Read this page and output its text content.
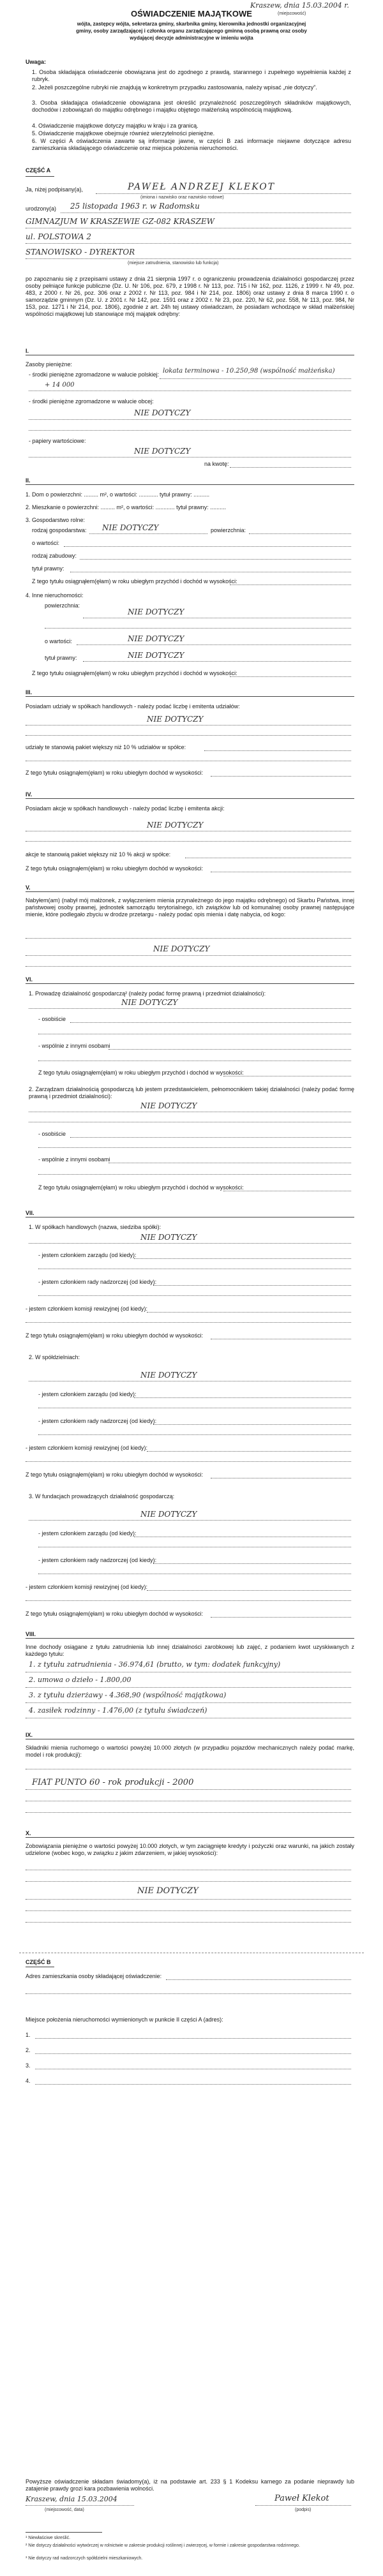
Kraszew, dnia 15.03.2004 r.
(miejscowość)
OŚWIADCZENIE MAJĄTKOWE
wójta, zastępcy wójta, sekretarza gminy, skarbnika gminy, kierownika jednostki organizacyjnej gminy, osoby zarządzającej i członka organu zarządzającego gminną osobą prawną oraz osoby wydającej decyzje administracyjne w imieniu wójta
Uwaga:
1. Osoba składająca oświadczenie obowiązana jest do zgodnego z prawdą, starannego i zupełnego wypełnienia każdej z rubryk.
2. Jeżeli poszczególne rubryki nie znajdują w konkretnym przypadku zastosowania, należy wpisać „nie dotyczy”.
3. Osoba składająca oświadczenie obowiązana jest określić przynależność poszczególnych składników majątkowych, dochodów i zobowiązań do majątku odrębnego i majątku objętego małżeńską wspólnością majątkową.
4. Oświadczenie majątkowe dotyczy majątku w kraju i za granicą.
5. Oświadczenie majątkowe obejmuje również wierzytelności pieniężne.
6. W części A oświadczenia zawarte są informacje jawne, w części B zaś informacje niejawne dotyczące adresu zamieszkania składającego oświadczenie oraz miejsca położenia nieruchomości.
CZĘŚĆ A
Ja, niżej podpisany(a),	PAWEŁ ANDRZEJ KLEKOT
(imiona i nazwisko oraz nazwisko rodowe)
urodzony(a) 25 listopada 1963 r. w Radomsku
GIMNAZJUM W KRASZEWIE GZ-082 KRASZEW
ul. POLSTOWA 2
STANOWISKO - DYREKTOR
(miejsce zatrudnienia, stanowisko lub funkcja)
po zapoznaniu się z przepisami ustawy z dnia 21 sierpnia 1997 r. o ograniczeniu prowadzenia działalności gospodarczej przez osoby pełniące funkcje publiczne (Dz. U. Nr 106, poz. 679, z 1998 r. Nr 113, poz. 715 i Nr 162, poz. 1126, z 1999 r. Nr 49, poz. 483, z 2000 r. Nr 26, poz. 306 oraz z 2002 r. Nr 113, poz. 984 i Nr 214, poz. 1806) oraz ustawy z dnia 8 marca 1990 r. o samorządzie gminnym (Dz. U. z 2001 r. Nr 142, poz. 1591 oraz z 2002 r. Nr 23, poz. 220, Nr 62, poz. 558, Nr 113, poz. 984, Nr 153, poz. 1271 i Nr 214, poz. 1806), zgodnie z art. 24h tej ustawy oświadczam, że posiadam wchodzące w skład małżeńskiej wspólności majątkowej lub stanowiące mój majątek odrębny:
I.
Zasoby pieniężne:
- środki pieniężne zgromadzone w walucie polskiej: lokata terminowa - 10.250,98 (wspólność małżeńska)
+ 14 000
- środki pieniężne zgromadzone w walucie obcej:
NIE DOTYCZY
- papiery wartościowe:
NIE DOTYCZY
na kwotę:
II.
1. Dom o powierzchni: ......... m², o wartości: ............ tytuł prawny: ..........
2. Mieszkanie o powierzchni: ......... m², o wartości: ............ tytuł prawny: ..........
3. Gospodarstwo rolne:
rodzaj gospodarstwa: NIE DOTYCZY	powierzchnia:
o wartości:
rodzaj zabudowy:
tytuł prawny:
Z tego tytułu osiągnąłem(ęłam) w roku ubiegłym przychód i dochód w wysokości:
4. Inne nieruchomości:
powierzchnia:
NIE DOTYCZY
o wartości:	NIE DOTYCZY
tytuł prawny:	NIE DOTYCZY
Z tego tytułu osiągnąłem(ęłam) w roku ubiegłym przychód i dochód w wysokości:
III.
Posiadam udziały w spółkach handlowych - należy podać liczbę i emitenta udziałów:
NIE DOTYCZY
udziały te stanowią pakiet większy niż 10 % udziałów w spółce:
Z tego tytułu osiągnąłem(ęłam) w roku ubiegłym dochód w wysokości:
IV.
Posiadam akcje w spółkach handlowych - należy podać liczbę i emitenta akcji:
NIE DOTYCZY
akcje te stanowią pakiet większy niż 10 % akcji w spółce:
Z tego tytułu osiągnąłem(ęłam) w roku ubiegłym dochód w wysokości:
V.
Nabyłem(am) (nabył mój małżonek, z wyłączeniem mienia przynależnego do jego majątku odrębnego) od Skarbu Państwa, innej państwowej osoby prawnej, jednostek samorządu terytorialnego, ich związków lub od komunalnej osoby prawnej następujące mienie, które podlegało zbyciu w drodze przetargu - należy podać opis mienia i datę nabycia, od kogo:
NIE DOTYCZY
VI.
1. Prowadzę działalność gospodarczą² (należy podać formę prawną i przedmiot działalności):
NIE DOTYCZY
- osobiście
- wspólnie z innymi osobami
Z tego tytułu osiągnąłem(ęłam) w roku ubiegłym przychód i dochód w wysokości:
2. Zarządzam działalnością gospodarczą lub jestem przedstawicielem, pełnomocnikiem takiej działalności (należy podać formę prawną i przedmiot działalności):
NIE DOTYCZY
- osobiście
- wspólnie z innymi osobami
Z tego tytułu osiągnąłem(ęłam) w roku ubiegłym przychód i dochód w wysokości:
VII.
1. W spółkach handlowych (nazwa, siedziba spółki):
NIE DOTYCZY
- jestem członkiem zarządu (od kiedy):
- jestem członkiem rady nadzorczej (od kiedy):
- jestem członkiem komisji rewizyjnej (od kiedy):
Z tego tytułu osiągnąłem(ęłam) w roku ubiegłym dochód w wysokości:
2. W spółdzielniach:
NIE DOTYCZY
- jestem członkiem zarządu (od kiedy):
- jestem członkiem rady nadzorczej (od kiedy):
- jestem członkiem komisji rewizyjnej (od kiedy):
Z tego tytułu osiągnąłem(ęłam) w roku ubiegłym dochód w wysokości:
3. W fundacjach prowadzących działalność gospodarczą:
NIE DOTYCZY
- jestem członkiem zarządu (od kiedy):
- jestem członkiem rady nadzorczej (od kiedy):
- jestem członkiem komisji rewizyjnej (od kiedy):
Z tego tytułu osiągnąłem(ęłam) w roku ubiegłym dochód w wysokości:
VIII.
Inne dochody osiągane z tytułu zatrudnienia lub innej działalności zarobkowej lub zajęć, z podaniem kwot uzyskiwanych z każdego tytułu:
1. z tytułu zatrudnienia - 36.974,61 (brutto, w tym: dodatek funkcyjny)
2. umowa o dzieło - 1.800,00
3. z tytułu dzierżawy - 4.368,90 (wspólność majątkowa)
4. zasiłek rodzinny - 1.476,00 (z tytułu świadczeń)
IX.
Składniki mienia ruchomego o wartości powyżej 10.000 złotych (w przypadku pojazdów mechanicznych należy podać markę, model i rok produkcji):
FIAT PUNTO 60 - rok produkcji - 2000
X.
Zobowiązania pieniężne o wartości powyżej 10.000 złotych, w tym zaciągnięte kredyty i pożyczki oraz warunki, na jakich zostały udzielone (wobec kogo, w związku z jakim zdarzeniem, w jakiej wysokości):
NIE DOTYCZY
CZĘŚĆ B
Adres zamieszkania osoby składającej oświadczenie:
Miejsce położenia nieruchomości wymienionych w punkcie II części A (adres):
1.
2.
3.
4.
Powyższe oświadczenie składam świadomy(a), iż na podstawie art. 233 § 1 Kodeksu karnego za podanie nieprawdy lub zatajenie prawdy grozi kara pozbawienia wolności.
Kraszew, dnia 15.03.2004
(miejscowość, data)
Paweł Klekot
(podpis)
¹ Niewłaściwe skreślić.
² Nie dotyczy działalności wytwórczej w rolnictwie w zakresie produkcji roślinnej i zwierzęcej, w formie i zakresie gospodarstwa rodzinnego.
³ Nie dotyczy rad nadzorczych spółdzielni mieszkaniowych.
